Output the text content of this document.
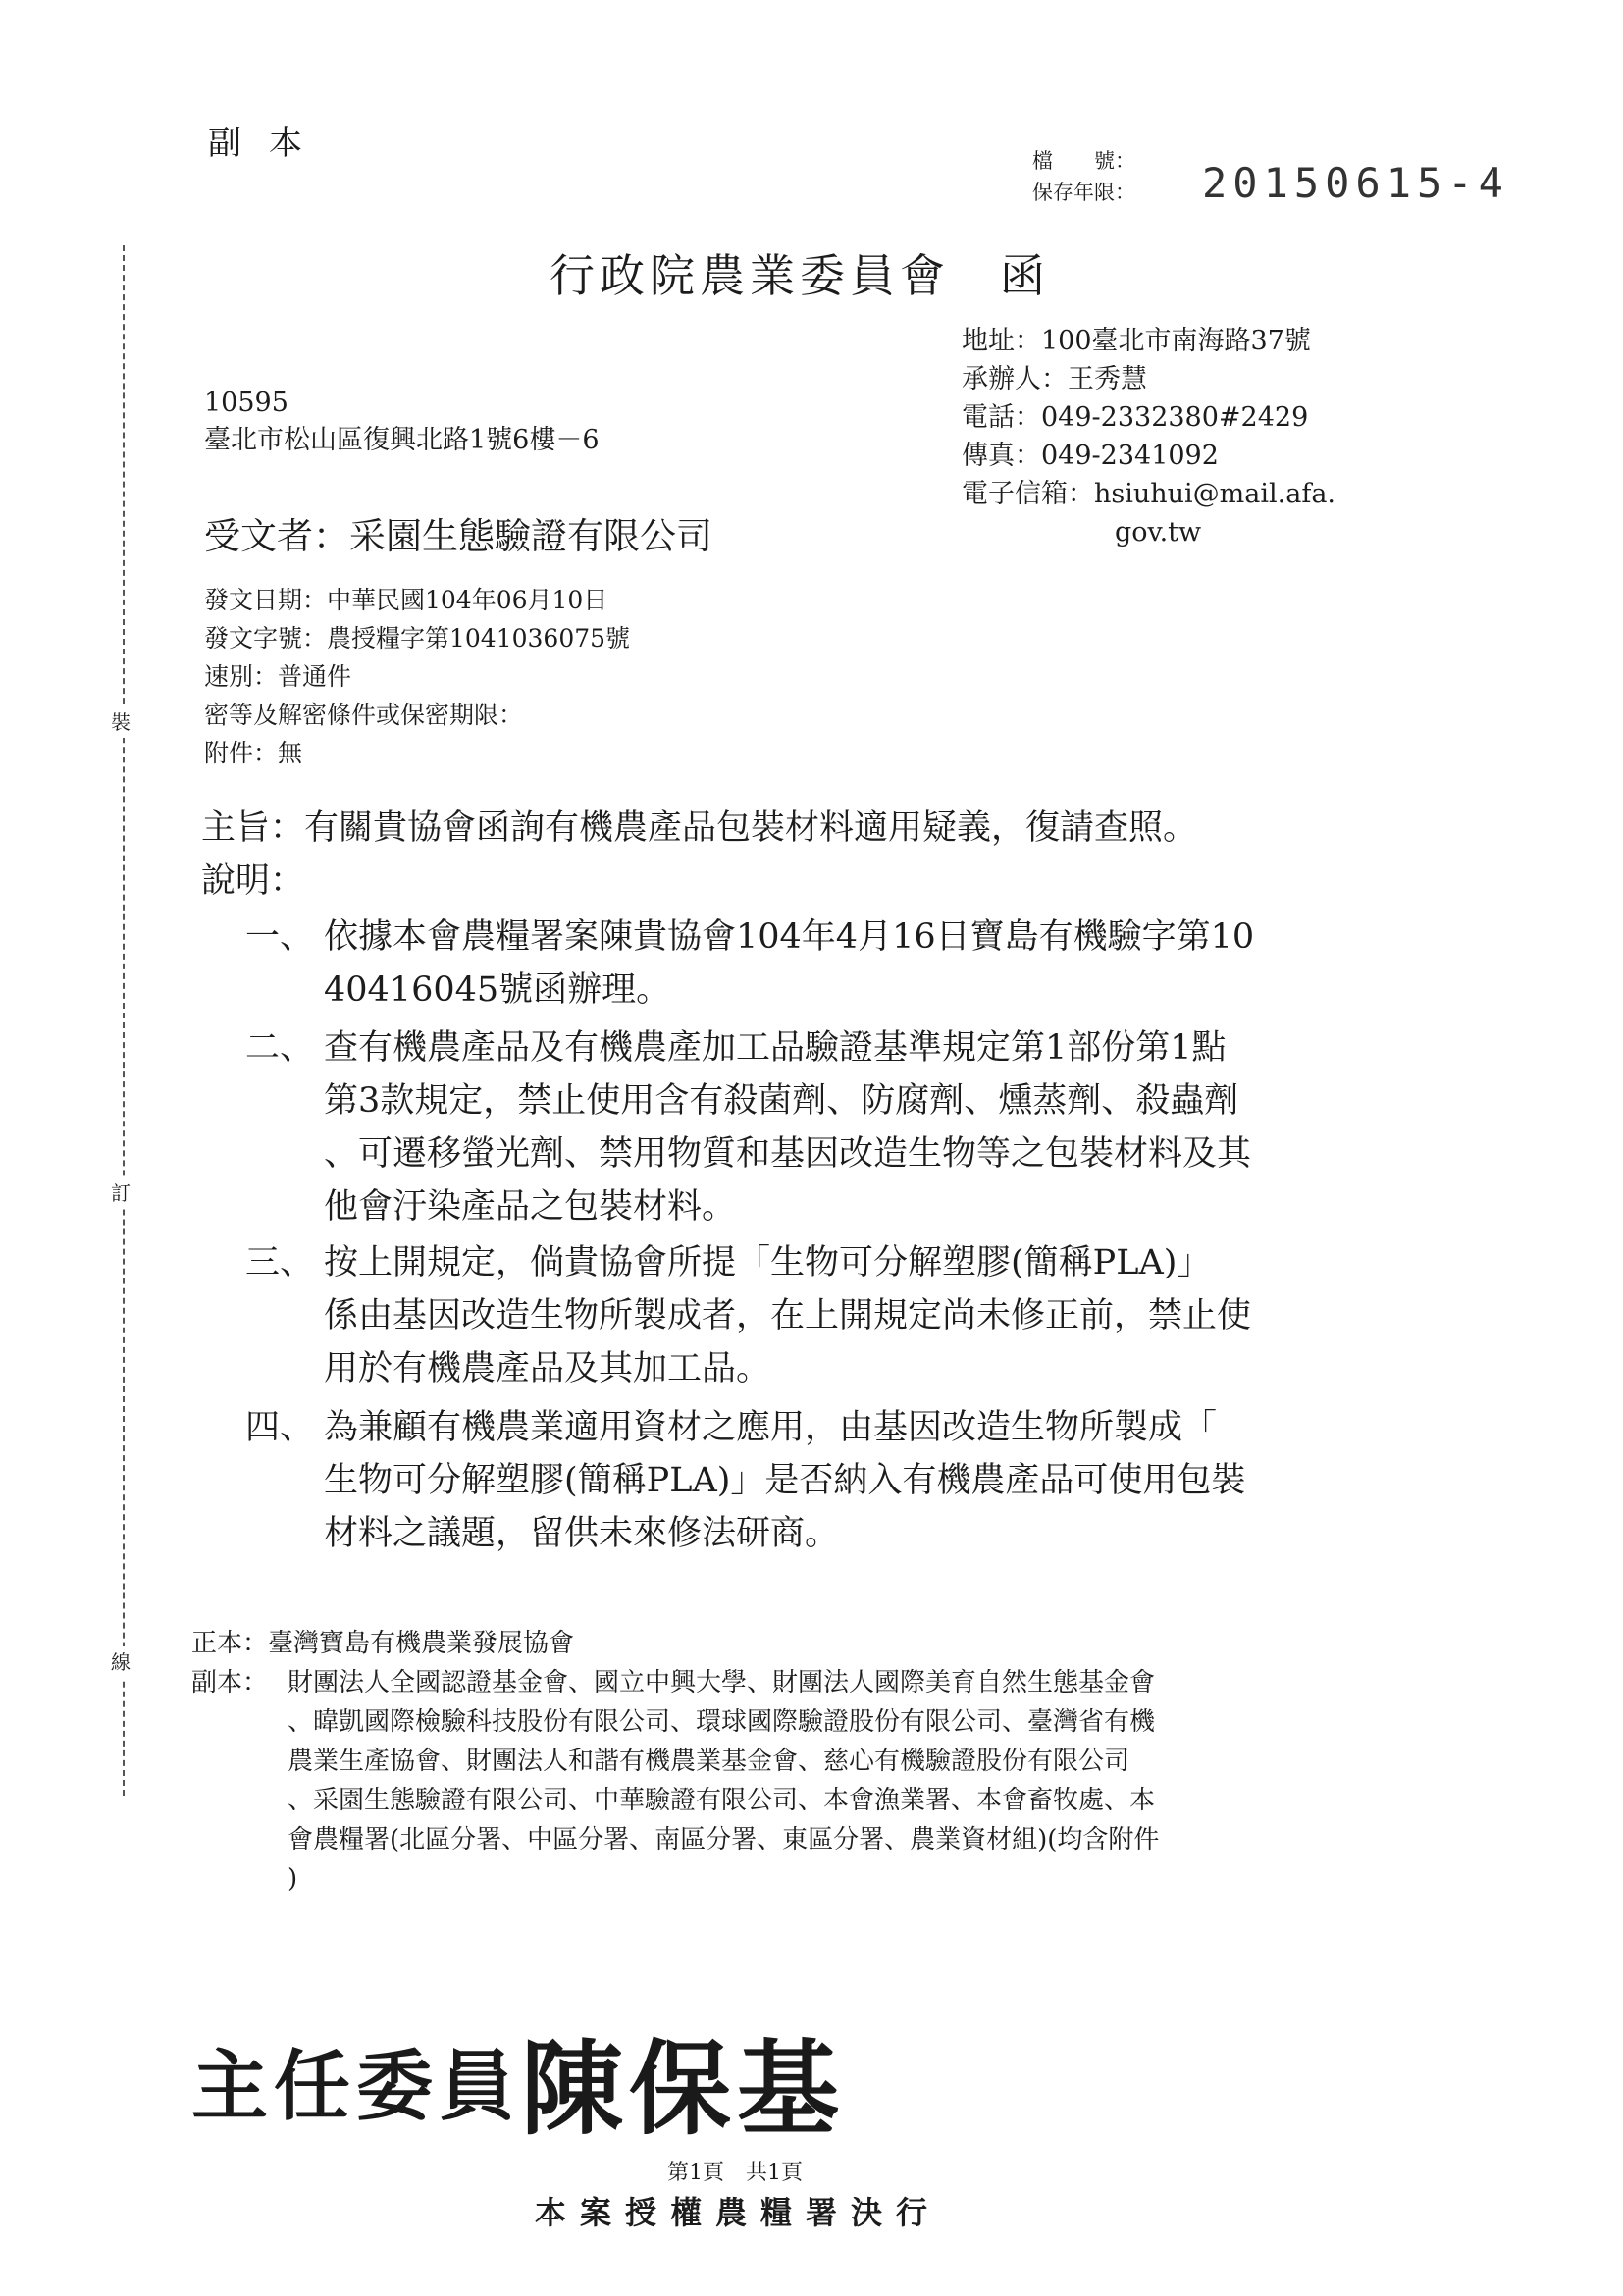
裝
訂
線
副本	檔　　號：
保存年限： 20150615-4
行政院農業委員會　函
地址：100臺北市南海路37號
承辦人：王秀慧
電話：049-2332380#2429
傳真：049-2341092
電子信箱：hsiuhui@mail.afa.
gov.tw
10595
臺北市松山區復興北路1號6樓－6
受文者：采園生態驗證有限公司
發文日期：中華民國104年06月10日
發文字號：農授糧字第1041036075號
速別：普通件
密等及解密條件或保密期限：
附件：無
主旨：有關貴協會函詢有機農產品包裝材料適用疑義，復請查照。
說明：
一、 依據本會農糧署案陳貴協會104年4月16日寶島有機驗字第10
40416045號函辦理。
二、 查有機農產品及有機農產加工品驗證基準規定第1部份第1點
第3款規定，禁止使用含有殺菌劑、防腐劑、燻蒸劑、殺蟲劑
、可遷移螢光劑、禁用物質和基因改造生物等之包裝材料及其
他會汙染產品之包裝材料。
三、 按上開規定，倘貴協會所提「生物可分解塑膠(簡稱PLA)」
係由基因改造生物所製成者，在上開規定尚未修正前，禁止使
用於有機農產品及其加工品。
四、 為兼顧有機農業適用資材之應用，由基因改造生物所製成「
生物可分解塑膠(簡稱PLA)」是否納入有機農產品可使用包裝
材料之議題，留供未來修法研商。
正本：臺灣寶島有機農業發展協會
副本： 財團法人全國認證基金會、國立中興大學、財團法人國際美育自然生態基金會
、暐凱國際檢驗科技股份有限公司、環球國際驗證股份有限公司、臺灣省有機
農業生產協會、財團法人和諧有機農業基金會、慈心有機驗證股份有限公司
、采園生態驗證有限公司、中華驗證有限公司、本會漁業署、本會畜牧處、本
會農糧署(北區分署、中區分署、南區分署、東區分署、農業資材組)(均含附件
)
主任委員陳保基
第1頁　共1頁
本案授權農糧署決行
